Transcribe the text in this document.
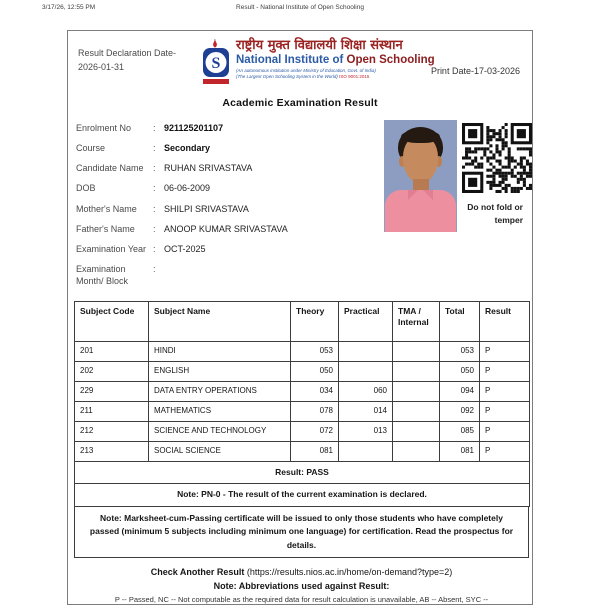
3/17/26, 12:55 PM	Result - National Institute of Open Schooling
Result Declaration Date-
2026-01-31	S
राष्ट्रीय मुक्त विद्यालयी शिक्षा संस्थान
National Institute of Open Schooling
(An autonomous institution under Ministry of Education, Govt. of India)
(The Largest Open Schooling System in the World) ISO 9001:2015
Print Date-17-03-2026
Academic Examination Result
Enrolment No	: 921125201107
Course	: Secondary
Candidate Name	: RUHAN SRIVASTAVA
DOB	: 06-06-2009
Mother's Name	: SHILPI SRIVASTAVA
Father's Name	: ANOOP KUMAR SRIVASTAVA
Examination Year : OCT-2025
Examination Month/ Block
:
Do not fold or
temper
Subject Code	Subject Name	Theory	Practical	TMA / Internal	Total	Result
201	HINDI	053			053	P
202	ENGLISH	050			050	P
229	DATA ENTRY OPERATIONS	034	060		094	P
211	MATHEMATICS	078	014		092	P
212	SCIENCE AND TECHNOLOGY	072	013		085	P
213	SOCIAL SCIENCE	081			081	P
Result: PASS						
Note: PN-0 - The result of the current examination is declared.						
Note: Marksheet-cum-Passing certificate will be issued to only those students who have completely passed (minimum 5 subjects including minimum one language) for certification. Read the prospectus for details.
Check Another Result (https://results.nios.ac.in/home/on-demand?type=2)
Note: Abbreviations used against Result:
P -- Passed, NC -- Not computable as the required data for result calculation is unavailable, AB -- Absent, SYC --
